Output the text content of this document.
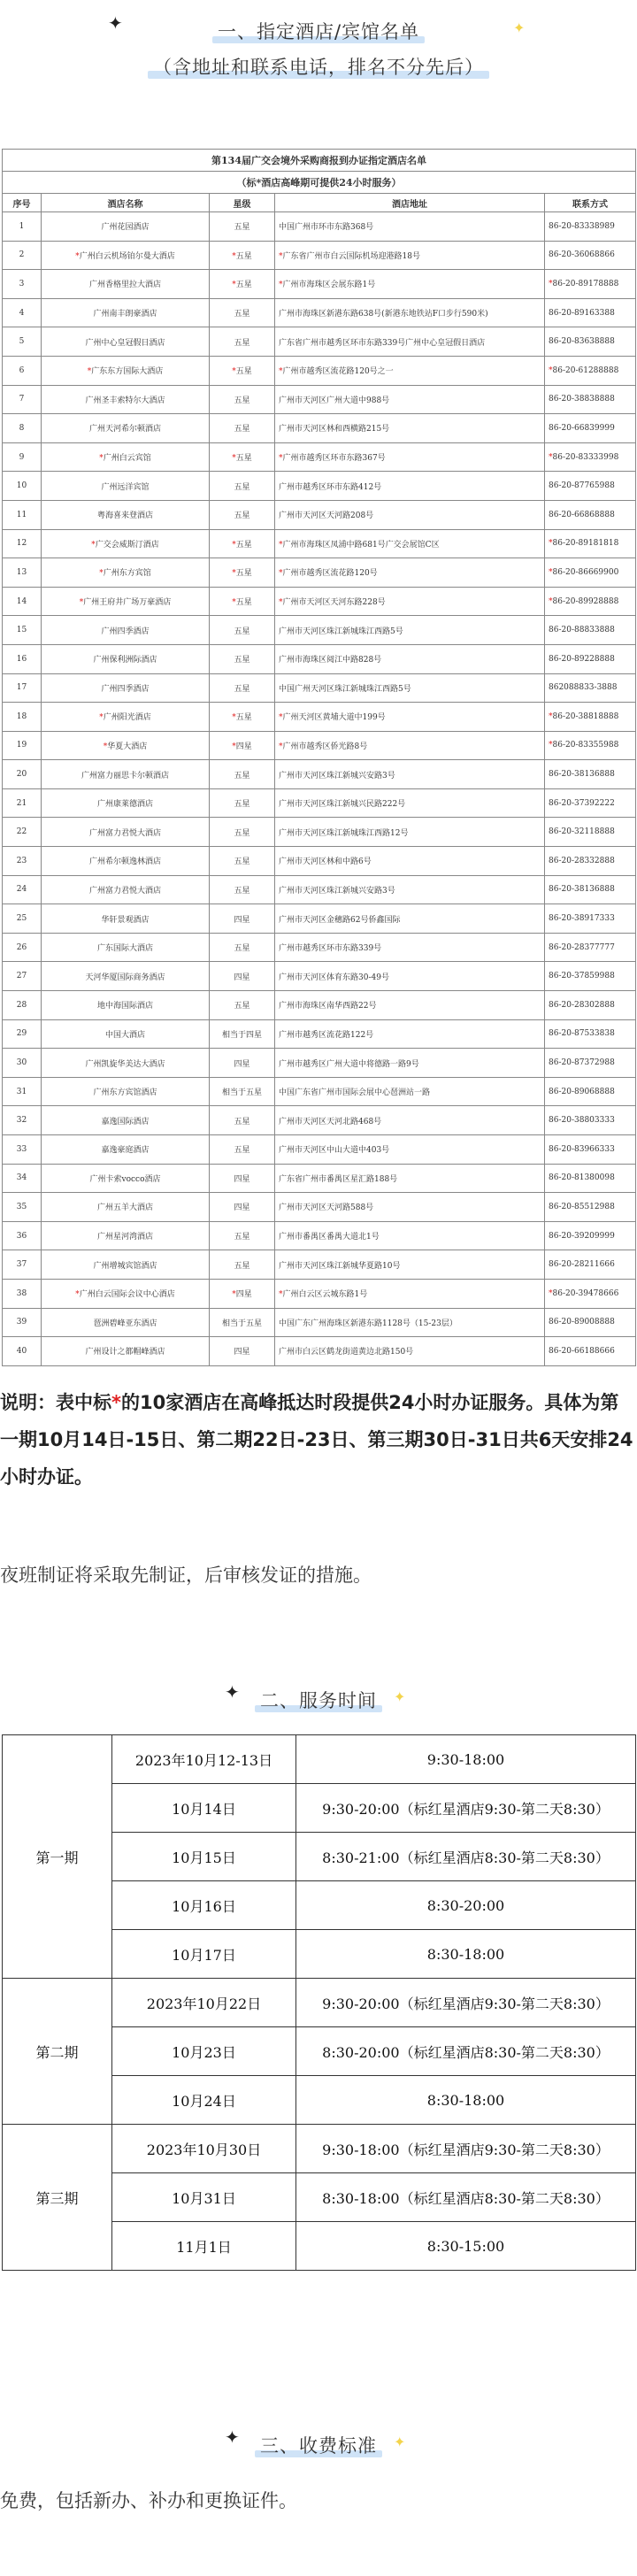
✦	✦
一、指定酒店/宾馆名单
（含地址和联系电话，排名不分先后）
第134届广交会境外采购商报到办证指定酒店名单				
（标*酒店高峰期可提供24小时服务）				
序号	酒店名称	星级	酒店地址	联系方式
1	广州花园酒店	五星	中国广州市环市东路368号	86-20-83338989
2	*广州白云机场铂尔曼大酒店	*五星	*广东省广州市白云国际机场迎港路18号	86-20-36068866
3	广州香格里拉大酒店	*五星	*广州市海珠区会展东路1号	*86-20-89178888
4	广州南丰朗豪酒店	五星	广州市海珠区新港东路638号(新港东地铁站F口步行590米)	86-20-89163388
5	广州中心皇冠假日酒店	五星	广东省广州市越秀区环市东路339号广州中心皇冠假日酒店	86-20-83638888
6	*广东东方国际大酒店	*五星	*广州市越秀区流花路120号之一	*86-20-61288888
7	广州圣丰索特尔大酒店	五星	广州市天河区广州大道中988号	86-20-38838888
8	广州天河希尔顿酒店	五星	广州市天河区林和西横路215号	86-20-66839999
9	*广州白云宾馆	*五星	*广州市越秀区环市东路367号	*86-20-83333998
10	广州远洋宾馆	五星	广州市越秀区环市东路412号	86-20-87765988
11	粤海喜来登酒店	五星	广州市天河区天河路208号	86-20-66868888
12	*广交会威斯汀酒店	*五星	*广州市海珠区凤浦中路681号广交会展馆C区	*86-20-89181818
13	*广州东方宾馆	*五星	*广州市越秀区流花路120号	*86-20-86669900
14	*广州王府井广场万豪酒店	*五星	*广州市天河区天河东路228号	*86-20-89928888
15	广州四季酒店	五星	广州市天河区珠江新城珠江西路5号	86-20-88833888
16	广州保利洲际酒店	五星	广州市海珠区阅江中路828号	86-20-89228888
17	广州四季酒店	五星	中国广州天河区珠江新城珠江西路5号	862088833-3888
18	*广州阳光酒店	*五星	*广州天河区黄埔大道中199号	*86-20-38818888
19	*华夏大酒店	*四星	*广州市越秀区侨光路8号	*86-20-83355988
20	广州富力丽思卡尔顿酒店	五星	广州市天河区珠江新城兴安路3号	86-20-38136888
21	广州康莱德酒店	五星	广州市天河区珠江新城兴民路222号	86-20-37392222
22	广州富力君悦大酒店	五星	广州市天河区珠江新城珠江西路12号	86-20-32118888
23	广州希尔顿逸林酒店	五星	广州市天河区林和中路6号	86-20-28332888
24	广州富力君悦大酒店	五星	广州市天河区珠江新城兴安路3号	86-20-38136888
25	华轩景观酒店	四星	广州市天河区金穗路62号侨鑫国际	86-20-38917333
26	广东国际大酒店	五星	广州市越秀区环市东路339号	86-20-28377777
27	天河华厦国际商务酒店	四星	广州市天河区体育东路30-49号	86-20-37859988
28	地中海国际酒店	五星	广州市海珠区南华西路22号	86-20-28302888
29	中国大酒店	相当于四星	广州市越秀区流花路122号	86-20-87533838
30	广州凯旋华美达大酒店	四星	广州市越秀区广州大道中将德路一路9号	86-20-87372988
31	广州东方宾馆酒店	相当于五星	中国广东省广州市国际会展中心琶洲站一路	86-20-89068888
32	嘉逸国际酒店	五星	广州市天河区天河北路468号	86-20-38803333
33	嘉逸豪庭酒店	五星	广州市天河区中山大道中403号	86-20-83966333
34	广州卡索vocco酒店	四星	广东省广州市番禺区星汇路188号	86-20-81380098
35	广州五羊大酒店	四星	广州市天河区天河路588号	86-20-85512988
36	广州星河湾酒店	五星	广州市番禺区番禺大道北1号	86-20-39209999
37	广州增城宾馆酒店	五星	广州市天河区珠江新城华夏路10号	86-20-28211666
38	*广州白云国际会议中心酒店	*四星	*广州白云区云城东路1号	*86-20-39478666
39	琶洲碧峰亚东酒店	相当于五星	中国广东广州海珠区新港东路1128号（15-23层）	86-20-89008888
40	广州设计之都帽峰酒店	四星	广州市白云区鹤龙街道黄边北路150号	86-20-66188666
说明：表中标*的10家酒店在高峰抵达时段提供24小时办证服务。具体为第一期10月14日-15日、第二期22日-23日、第三期30日-31日共6天安排24小时办证。
夜班制证将采取先制证，后审核发证的措施。
✦	✦
二、服务时间
第一期	2023年10月12-13日	9:30-18:00
	10月14日	9:30-20:00（标红星酒店9:30-第二天8:30）
	10月15日	8:30-21:00（标红星酒店8:30-第二天8:30）
	10月16日	8:30-20:00
	10月17日	8:30-18:00
第二期	2023年10月22日	9:30-20:00（标红星酒店9:30-第二天8:30）
	10月23日	8:30-20:00（标红星酒店8:30-第二天8:30）
	10月24日	8:30-18:00
第三期	2023年10月30日	9:30-18:00（标红星酒店9:30-第二天8:30）
	10月31日	8:30-18:00（标红星酒店8:30-第二天8:30）
	11月1日	8:30-15:00
✦	✦
三、收费标准
免费，包括新办、补办和更换证件。
